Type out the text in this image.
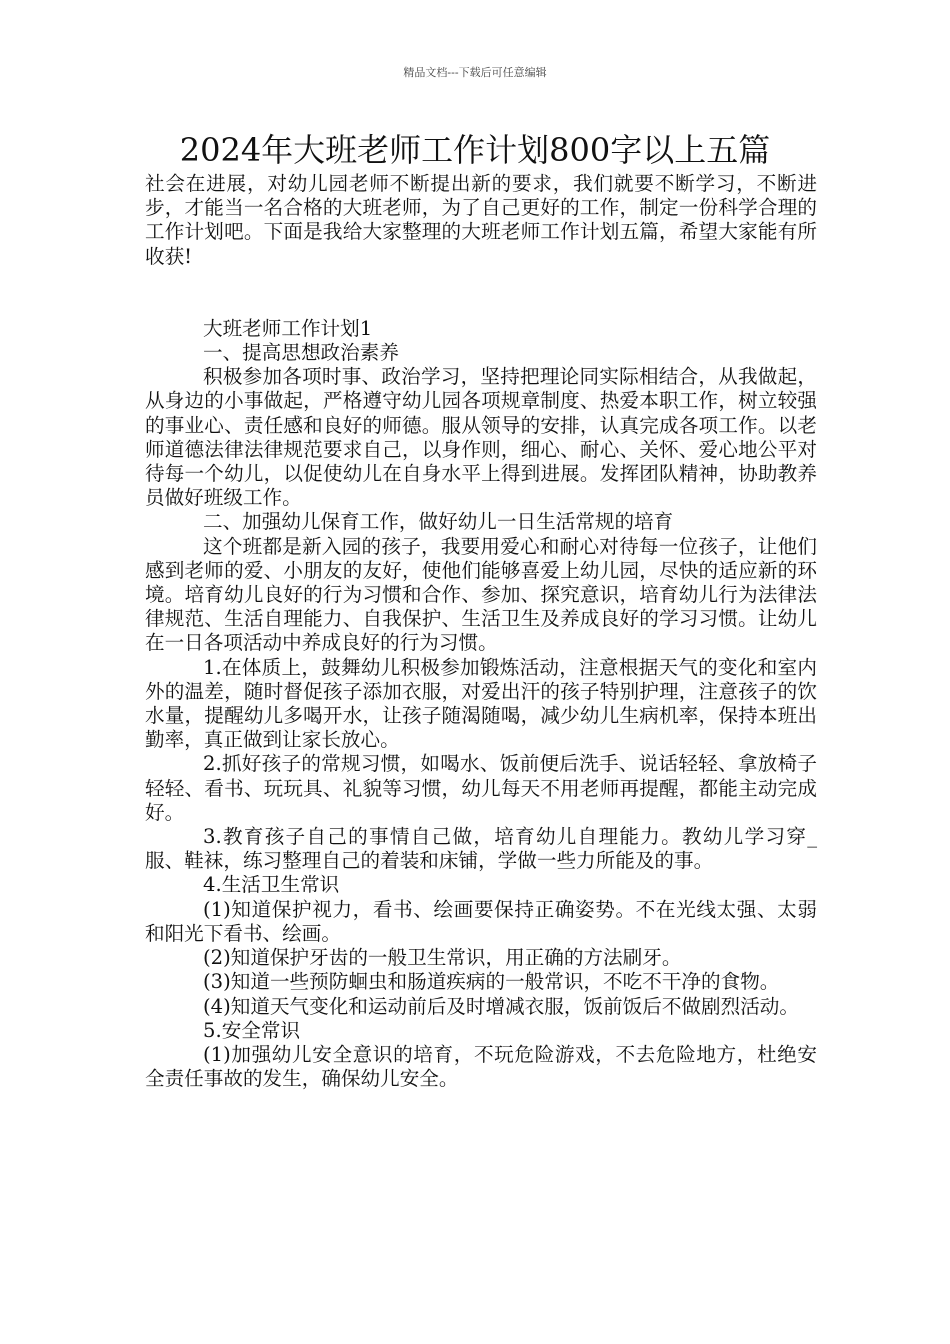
精品文档---下载后可任意编辑
2024年大班老师工作计划800字以上五篇

社会在进展，对幼儿园老师不断提出新的要求，我们就要不断学习，不断进步，才能当一名合格的大班老师，为了自己更好的工作，制定一份科学合理的工作计划吧。下面是我给大家整理的大班老师工作计划五篇，希望大家能有所收获!

大班老师工作计划1

一、提高思想政治素养

积极参加各项时事、政治学习，坚持把理论同实际相结合，从我做起，从身边的小事做起，严格遵守幼儿园各项规章制度、热爱本职工作，树立较强的事业心、责任感和良好的师德。服从领导的安排，认真完成各项工作。以老师道德法律法律规范要求自己，以身作则，细心、耐心、关怀、爱心地公平对待每一个幼儿，以促使幼儿在自身水平上得到进展。发挥团队精神，协助教养员做好班级工作。

二、加强幼儿保育工作，做好幼儿一日生活常规的培育

这个班都是新入园的孩子，我要用爱心和耐心对待每一位孩子，让他们感到老师的爱、小朋友的友好，使他们能够喜爱上幼儿园，尽快的适应新的环境。培育幼儿良好的行为习惯和合作、参加、探究意识，培育幼儿行为法律法律规范、生活自理能力、自我保护、生活卫生及养成良好的学习习惯。让幼儿在一日各项活动中养成良好的行为习惯。

1.在体质上，鼓舞幼儿积极参加锻炼活动，注意根据天气的变化和室内外的温差，随时督促孩子添加衣服，对爱出汗的孩子特别护理，注意孩子的饮水量，提醒幼儿多喝开水，让孩子随渴随喝，减少幼儿生病机率，保持本班出勤率，真正做到让家长放心。

2.抓好孩子的常规习惯，如喝水、饭前便后洗手、说话轻轻、拿放椅子轻轻、看书、玩玩具、礼貌等习惯，幼儿每天不用老师再提醒，都能主动完成好。

3.教育孩子自己的事情自己做，培育幼儿自理能力。教幼儿学习穿_服、鞋袜，练习整理自己的着装和床铺，学做一些力所能及的事。

4.生活卫生常识

(1)知道保护视力，看书、绘画要保持正确姿势。不在光线太强、太弱和阳光下看书、绘画。

(2)知道保护牙齿的一般卫生常识，用正确的方法刷牙。

(3)知道一些预防蛔虫和肠道疾病的一般常识，不吃不干净的食物。

(4)知道天气变化和运动前后及时增减衣服，饭前饭后不做剧烈活动。

5.安全常识

(1)加强幼儿安全意识的培育，不玩危险游戏，不去危险地方，杜绝安全责任事故的发生，确保幼儿安全。
